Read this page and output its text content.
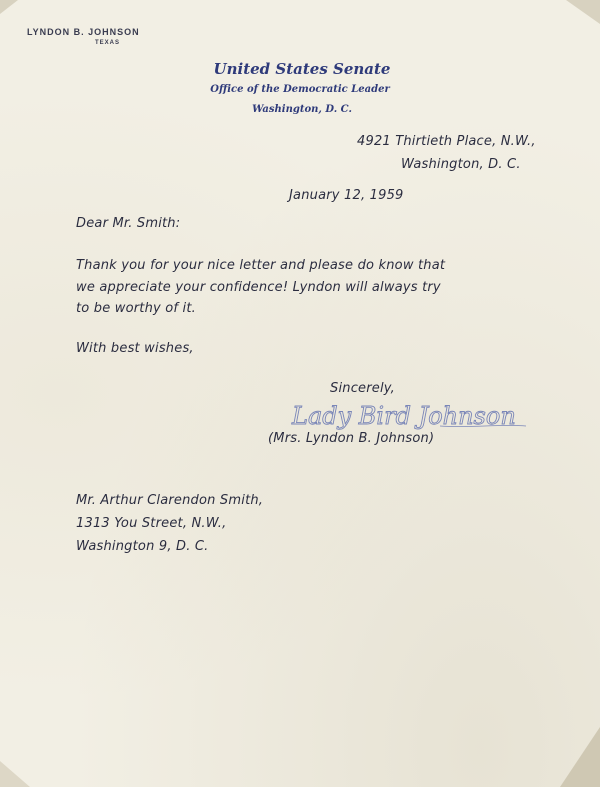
LYNDON B. JOHNSON
TEXAS
United States Senate
Office of the Democratic Leader
Washington, D. C.
4921 Thirtieth Place, N.W.,
Washington, D. C.
January 12, 1959
Dear Mr. Smith:
Thank you for your nice letter and please do know that
we appreciate your confidence! Lyndon will always try
to be worthy of it.
With best wishes,
Sincerely,
Lady Bird Johnson
(Mrs. Lyndon B. Johnson)
Mr. Arthur Clarendon Smith,
1313 You Street, N.W.,
Washington 9, D. C.
